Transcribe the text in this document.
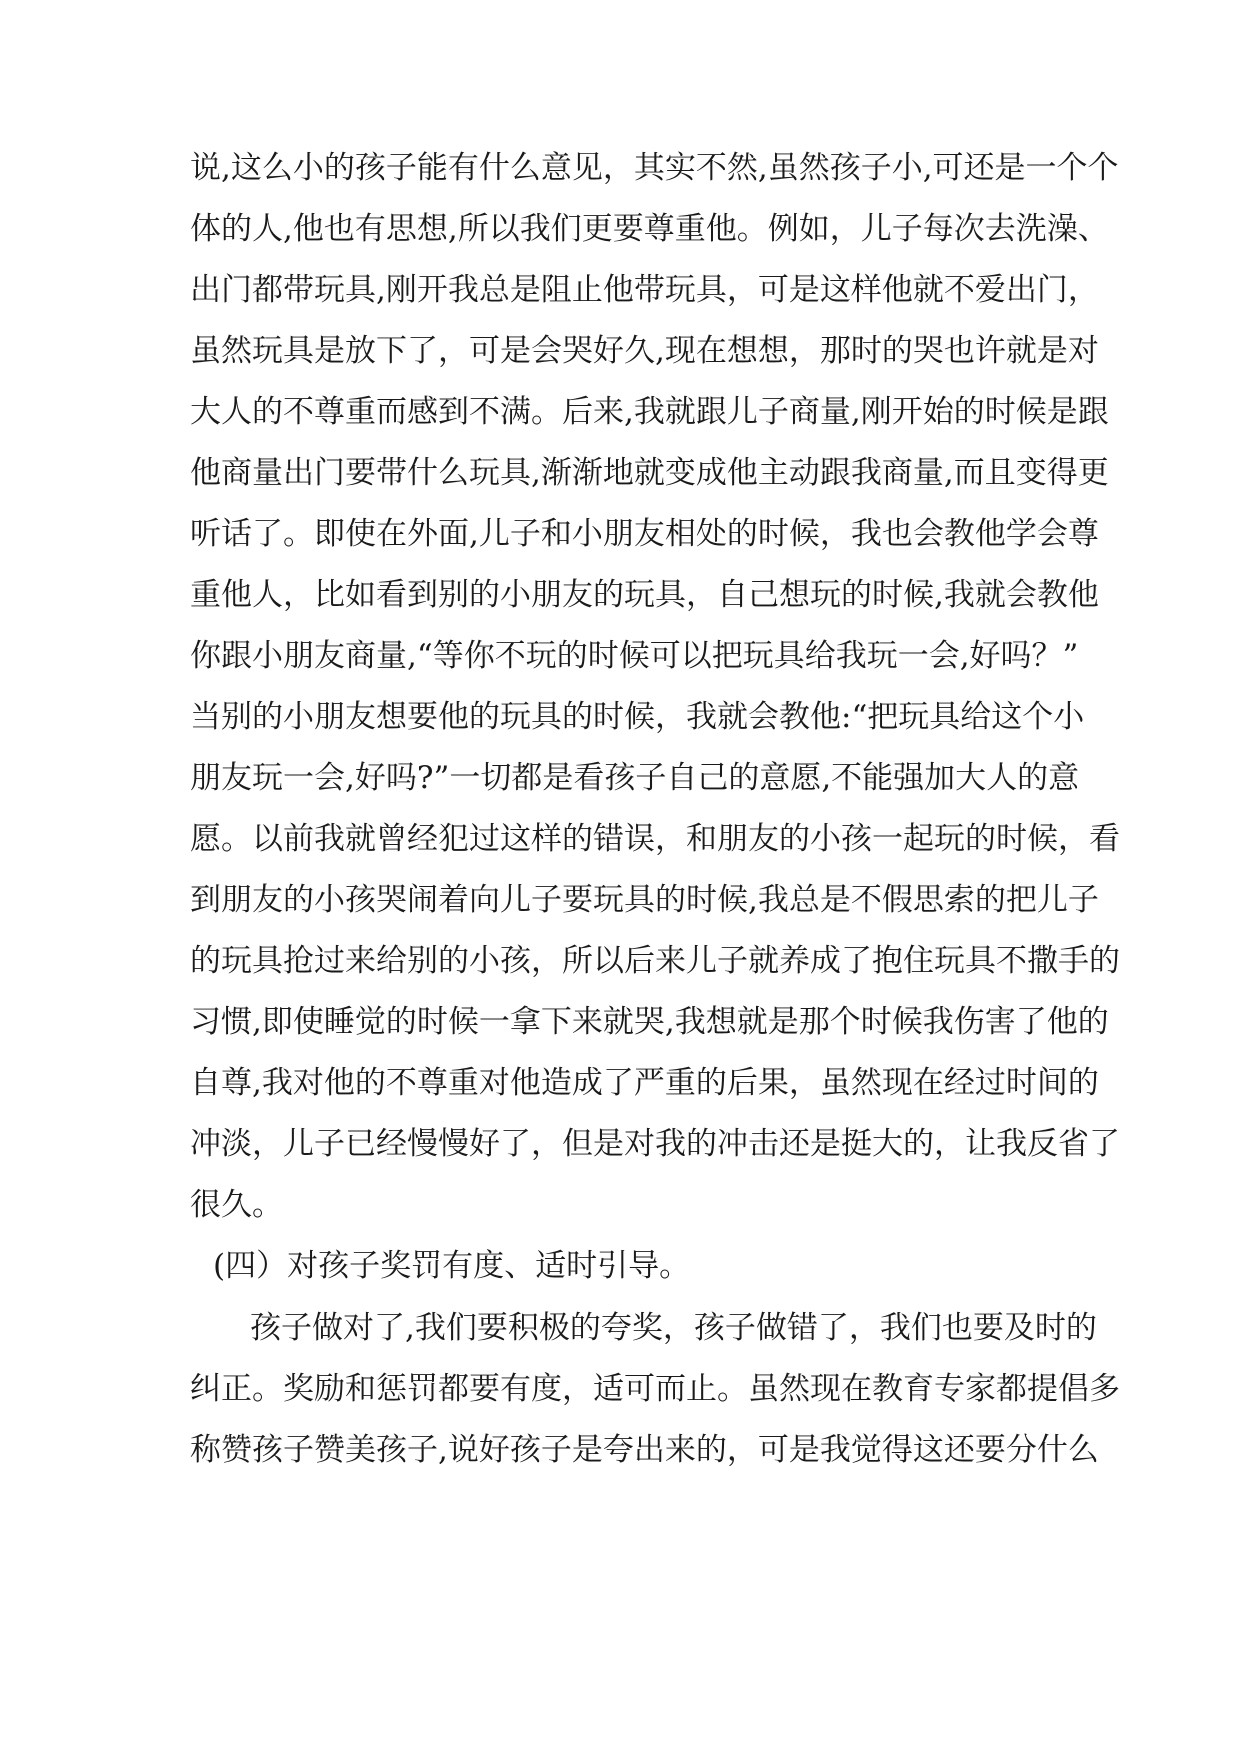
说,这么小的孩子能有什么意见，其实不然,虽然孩子小,可还是一个个
体的人,他也有思想,所以我们更要尊重他。例如，儿子每次去洗澡、
出门都带玩具,刚开我总是阻止他带玩具，可是这样他就不爱出门，
虽然玩具是放下了，可是会哭好久,现在想想，那时的哭也许就是对
大人的不尊重而感到不满。后来,我就跟儿子商量,刚开始的时候是跟
他商量出门要带什么玩具,渐渐地就变成他主动跟我商量,而且变得更
听话了。即使在外面,儿子和小朋友相处的时候，我也会教他学会尊
重他人，比如看到别的小朋友的玩具，自己想玩的时候,我就会教他
你跟小朋友商量,“等你不玩的时候可以把玩具给我玩一会,好吗？”
当别的小朋友想要他的玩具的时候，我就会教他:“把玩具给这个小
朋友玩一会,好吗?”一切都是看孩子自己的意愿,不能强加大人的意
愿。以前我就曾经犯过这样的错误，和朋友的小孩一起玩的时候，看
到朋友的小孩哭闹着向儿子要玩具的时候,我总是不假思索的把儿子
的玩具抢过来给别的小孩，所以后来儿子就养成了抱住玩具不撒手的
习惯,即使睡觉的时候一拿下来就哭,我想就是那个时候我伤害了他的
自尊,我对他的不尊重对他造成了严重的后果，虽然现在经过时间的
冲淡，儿子已经慢慢好了，但是对我的冲击还是挺大的，让我反省了
很久。
(四）对孩子奖罚有度、适时引导。
孩子做对了,我们要积极的夸奖，孩子做错了，我们也要及时的
纠正。奖励和惩罚都要有度，适可而止。虽然现在教育专家都提倡多
称赞孩子赞美孩子,说好孩子是夸出来的，可是我觉得这还要分什么
